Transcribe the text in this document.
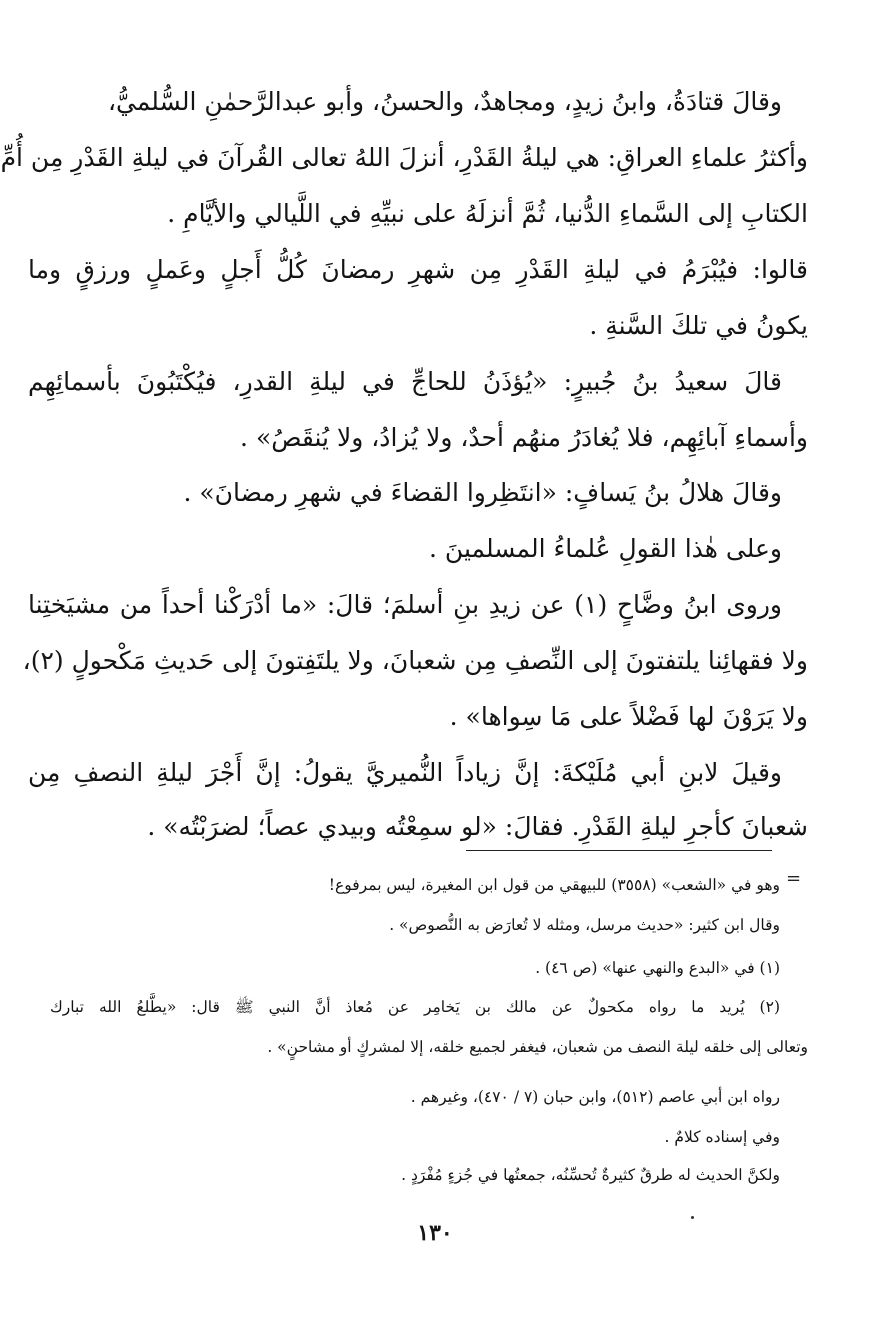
وقالَ قتادَةُ، وابنُ زيدٍ، ومجاهدٌ، والحسنُ، وأبو عبدالرَّحمٰنِ السُّلميُّ،
وأكثرُ علماءِ العراقِ: هي ليلةُ القَدْرِ، أنزلَ اللهُ تعالى القُرآنَ في ليلةِ القَدْرِ مِن أُمِّ
الكتابِ إلى السَّماءِ الدُّنيا، ثُمَّ أنزلَهُ على نبيِّهِ في اللَّيالي والأيَّامِ .
قالوا: فيُبْرَمُ في ليلةِ القَدْرِ مِن شهرِ رمضانَ كُلُّ أَجلٍ وعَملٍ ورزقٍ وما
يكونُ في تلكَ السَّنةِ .
قالَ سعيدُ بنُ جُبيرٍ: «يُؤذَنُ للحاجِّ في ليلةِ القدرِ، فيُكْتَبُونَ بأسمائِهِم
وأسماءِ آبائِهِم، فلا يُغادَرُ منهُم أحدٌ، ولا يُزادُ، ولا يُنقَصُ» .
وقالَ هلالُ بنُ يَسافٍ: «انتَظِروا القضاءَ في شهرِ رمضانَ» .
وعلى هٰذا القولِ عُلماءُ المسلمينَ .
وروى ابنُ وضَّاحٍ (١) عن زيدِ بنِ أسلمَ؛ قالَ: «ما أدْرَكْنا أحداً من مشيَختِنا
ولا فقهائِنا يلتفتونَ إلى النِّصفِ مِن شعبانَ، ولا يلتَفِتونَ إلى حَديثِ مَكْحولٍ (٢)،
ولا يَرَوْنَ لها فَضْلاً على مَا سِواها» .
وقيلَ لابنِ أبي مُلَيْكةَ: إنَّ زياداً النُّميريَّ يقولُ: إنَّ أَجْرَ ليلةِ النصفِ مِن
شعبانَ كأجرِ ليلةِ القَدْرِ. فقالَ: «لو سمِعْتُه وبيدي عصاً؛ لضرَبْتُه» .
=
وهو في «الشعب» (٣٥٥٨) للبيهقي من قول ابن المغيرة، ليس بمرفوع!
وقال ابن كثير: «حديث مرسل، ومثله لا تُعارَض به النُّصوص» .
(١) في «البدع والنهي عنها» (ص ٤٦) .
(٢) يُريد ما رواه مكحولٌ عن مالك بن يَخامِر عن مُعاذ أنَّ النبي ﷺ قال: «يطَّلعُ الله تبارك
وتعالى إلى خلقه ليلة النصف من شعبان، فيغفر لجميع خلقه، إلا لمشركٍ أو مشاحنٍ» .
رواه ابن أبي عاصم (٥١٢)، وابن حبان (٧ / ٤٧٠)، وغيرهم .
وفي إسناده كلامٌ .
ولكنَّ الحديث له طرقٌ كثيرةٌ تُحسِّنُه، جمعتُها في جُزءٍ مُفْرَدٍ .
١٣٠
